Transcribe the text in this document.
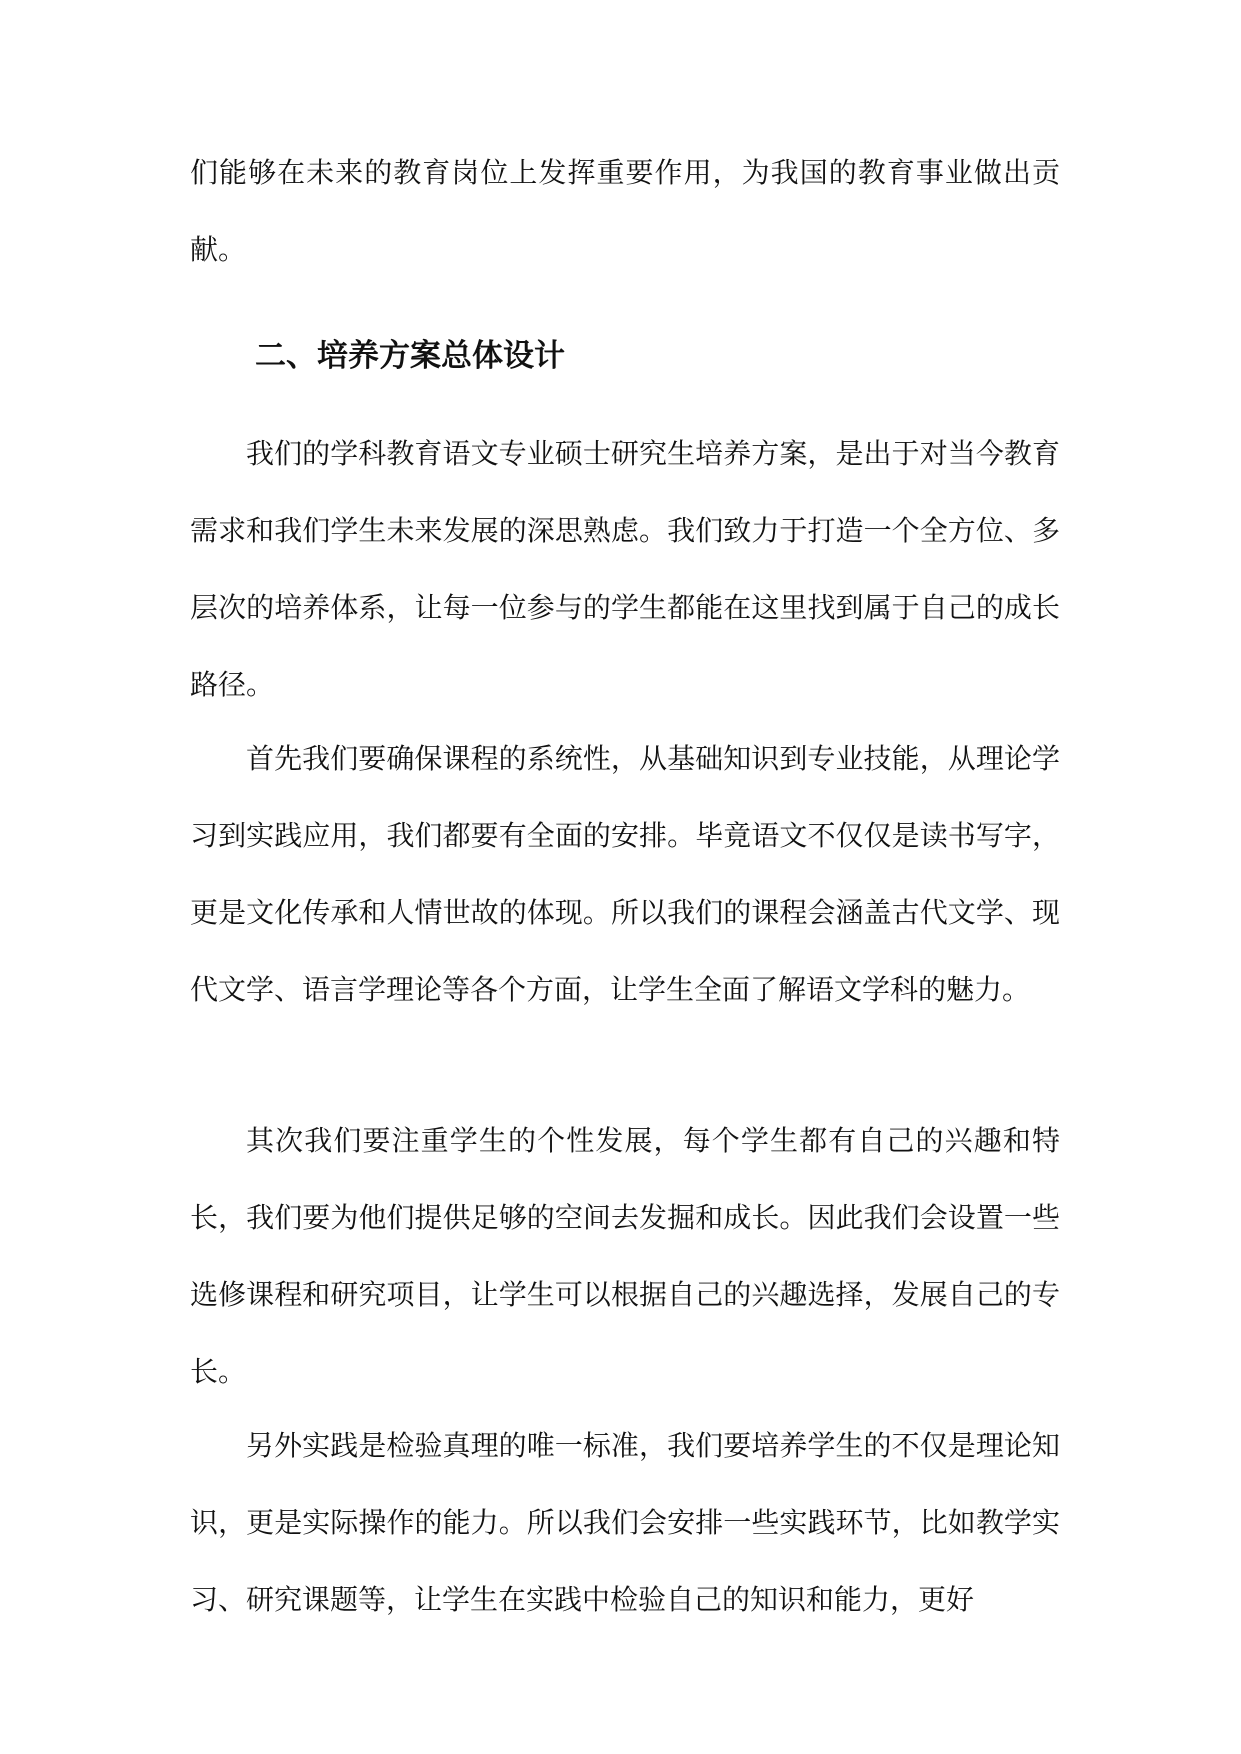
们能够在未来的教育岗位上发挥重要作用，为我国的教育事业做出贡献。

二、培养方案总体设计

我们的学科教育语文专业硕士研究生培养方案，是出于对当今教育需求和我们学生未来发展的深思熟虑。我们致力于打造一个全方位、多层次的培养体系，让每一位参与的学生都能在这里找到属于自己的成长路径。

首先我们要确保课程的系统性，从基础知识到专业技能，从理论学习到实践应用，我们都要有全面的安排。毕竟语文不仅仅是读书写字，更是文化传承和人情世故的体现。所以我们的课程会涵盖古代文学、现代文学、语言学理论等各个方面，让学生全面了解语文学科的魅力。

其次我们要注重学生的个性发展，每个学生都有自己的兴趣和特长，我们要为他们提供足够的空间去发掘和成长。因此我们会设置一些选修课程和研究项目，让学生可以根据自己的兴趣选择，发展自己的专长。

另外实践是检验真理的唯一标准，我们要培养学生的不仅是理论知识，更是实际操作的能力。所以我们会安排一些实践环节，比如教学实习、研究课题等，让学生在实践中检验自己的知识和能力，更好
